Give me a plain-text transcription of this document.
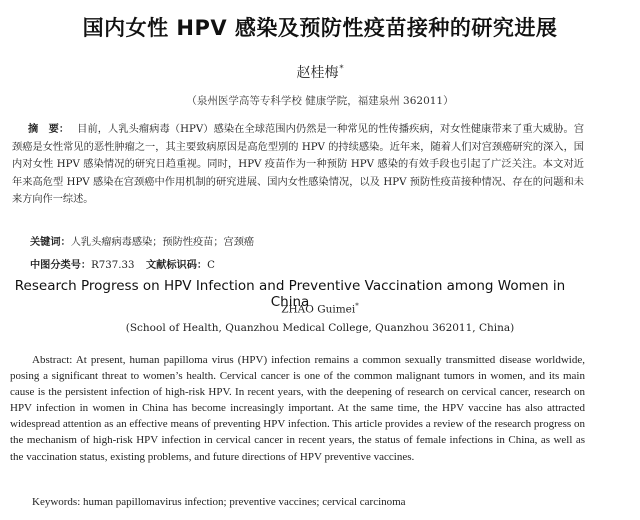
国内女性 HPV 感染及预防性疫苗接种的研究进展
赵桂梅*
（泉州医学高等专科学校 健康学院，福建泉州 362011）
摘　要： 目前，人乳头瘤病毒（HPV）感染在全球范围内仍然是一种常见的性传播疾病，对女性健康带来了重大威胁。宫颈癌是女性常见的恶性肿瘤之一，其主要致病原因是高危型別的 HPV 的持续感染。近年来，随着人们对宫颈癌研究的深入，国内对女性 HPV 感染情况的研究日趋重视。同时，HPV 疫苗作为一种预防 HPV 感染的有效手段也引起了广泛关注。本文对近年来高危型 HPV 感染在宫颈癌中作用机制的研究进展、国内女性感染情况，以及 HPV 预防性疫苗接种情况、存在的问题和未来方向作一综述。
关键词：人乳头瘤病毒感染；预防性疫苗；宫颈癌
中图分类号：R737.33 文献标识码：C
Research Progress on HPV Infection and Preventive Vaccination among Women in China
ZHAO Guimei*
(School of Health, Quanzhou Medical College, Quanzhou 362011, China)
Abstract: At present, human papilloma virus (HPV) infection remains a common sexually transmitted disease worldwide, posing a significant threat to women’s health. Cervical cancer is one of the common malignant tumors in women, and its main cause is the persistent infection of high-risk HPV. In recent years, with the deepening of research on cervical cancer, research on HPV infection in women in China has become increasingly important. At the same time, the HPV vaccine has also attracted widespread attention as an effective means of preventing HPV infection. This article provides a review of the research progress on the mechanism of high-risk HPV infection in cervical cancer in recent years, the status of female infections in China, as well as the vaccination status, existing problems, and future directions of HPV preventive vaccines.
Keywords: human papillomavirus infection; preventive vaccines; cervical carcinoma
